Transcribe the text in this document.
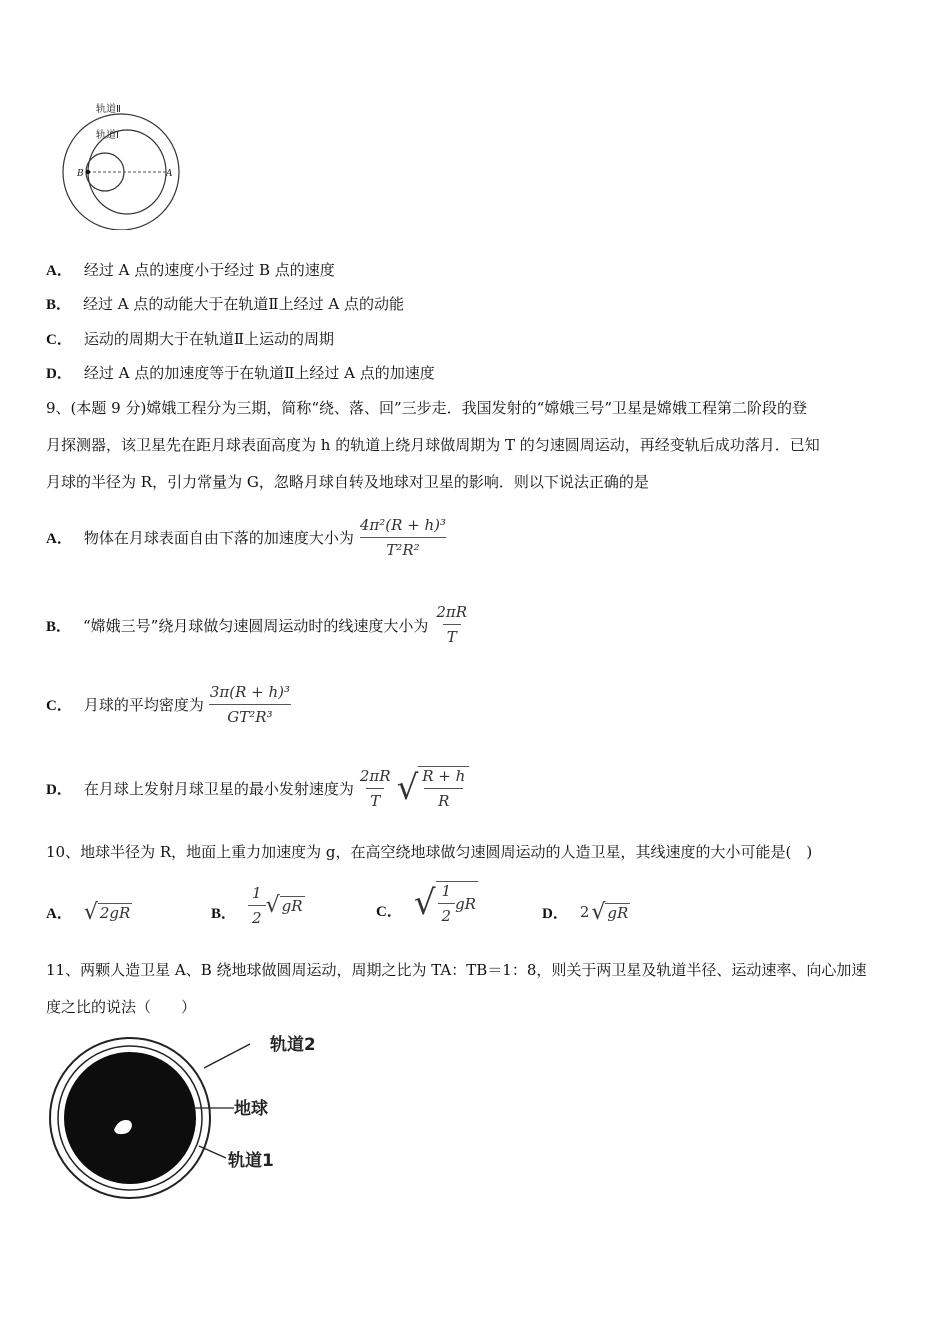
轨道Ⅱ
轨道Ⅰ
B	A
A． 经过 A 点的速度小于经过 B 点的速度
B． 经过 A 点的动能大于在轨道Ⅱ上经过 A 点的动能
C． 运动的周期大于在轨道Ⅱ上运动的周期
D． 经过 A 点的加速度等于在轨道Ⅱ上经过 A 点的加速度
9、(本题 9 分)嫦娥工程分为三期，简称“绕、落、回”三步走．我国发射的“嫦娥三号”卫星是嫦娥工程第二阶段的登
月探测器，该卫星先在距月球表面高度为 h 的轨道上绕月球做周期为 T 的匀速圆周运动，再经变轨后成功落月．已知
月球的半径为 R，引力常量为 G，忽略月球自转及地球对卫星的影响．则以下说法正确的是
A． 物体在月球表面自由下落的加速度大小为 $\frac{\text{4π²(R + h)³}}{\text{T²R²}}$
B． “嫦娥三号”绕月球做匀速圆周运动时的线速度大小为 $\frac{2\pi R}{T}$
C． 月球的平均密度为 $\frac{\text{3π(R + h)³}}{\text{GT²R³}}$
D． 在月球上发射月球卫星的最小发射速度为 $\frac{2\pi R}{T}$ √ $\frac{R + h}{R}$
10、地球半径为 R，地面上重力加速度为 g，在高空绕地球做匀速圆周运动的人造卫星，其线速度的大小可能是(　)
A． √ 2gR	B． $\frac{1}{2}$ √ gR	C． √ $\frac{1}{2}$ gR
D． 2 √ gR
11、两颗人造卫星 A、B 绕地球做圆周运动，周期之比为 TA：TB＝1：8，则关于两卫星及轨道半径、运动速率、向心加速
度之比的说法（　　）
轨道2
地球
轨道1
